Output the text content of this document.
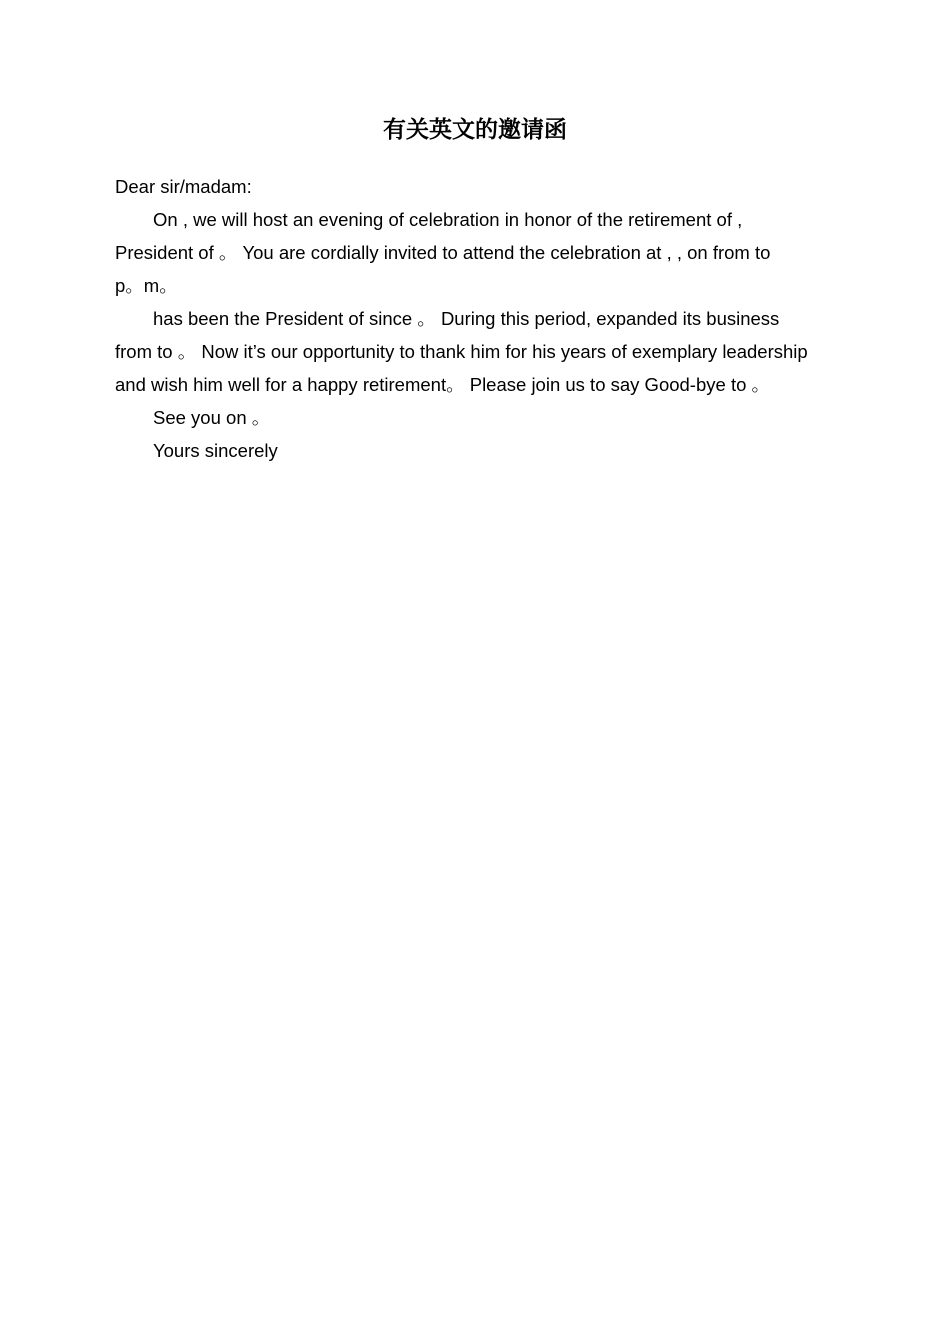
有关英文的邀请函
Dear sir/madam:
On , we will host an evening of celebration in honor of the retirement of ,
President of 。 You are cordially invited to attend the celebration at , , on from to
p。m。
has been the President of since 。 During this period, expanded its business
from to 。 Now it’s our opportunity to thank him for his years of exemplary leadership
and wish him well for a happy retirement。 Please join us to say Good-bye to 。
See you on 。
Yours sincerely
